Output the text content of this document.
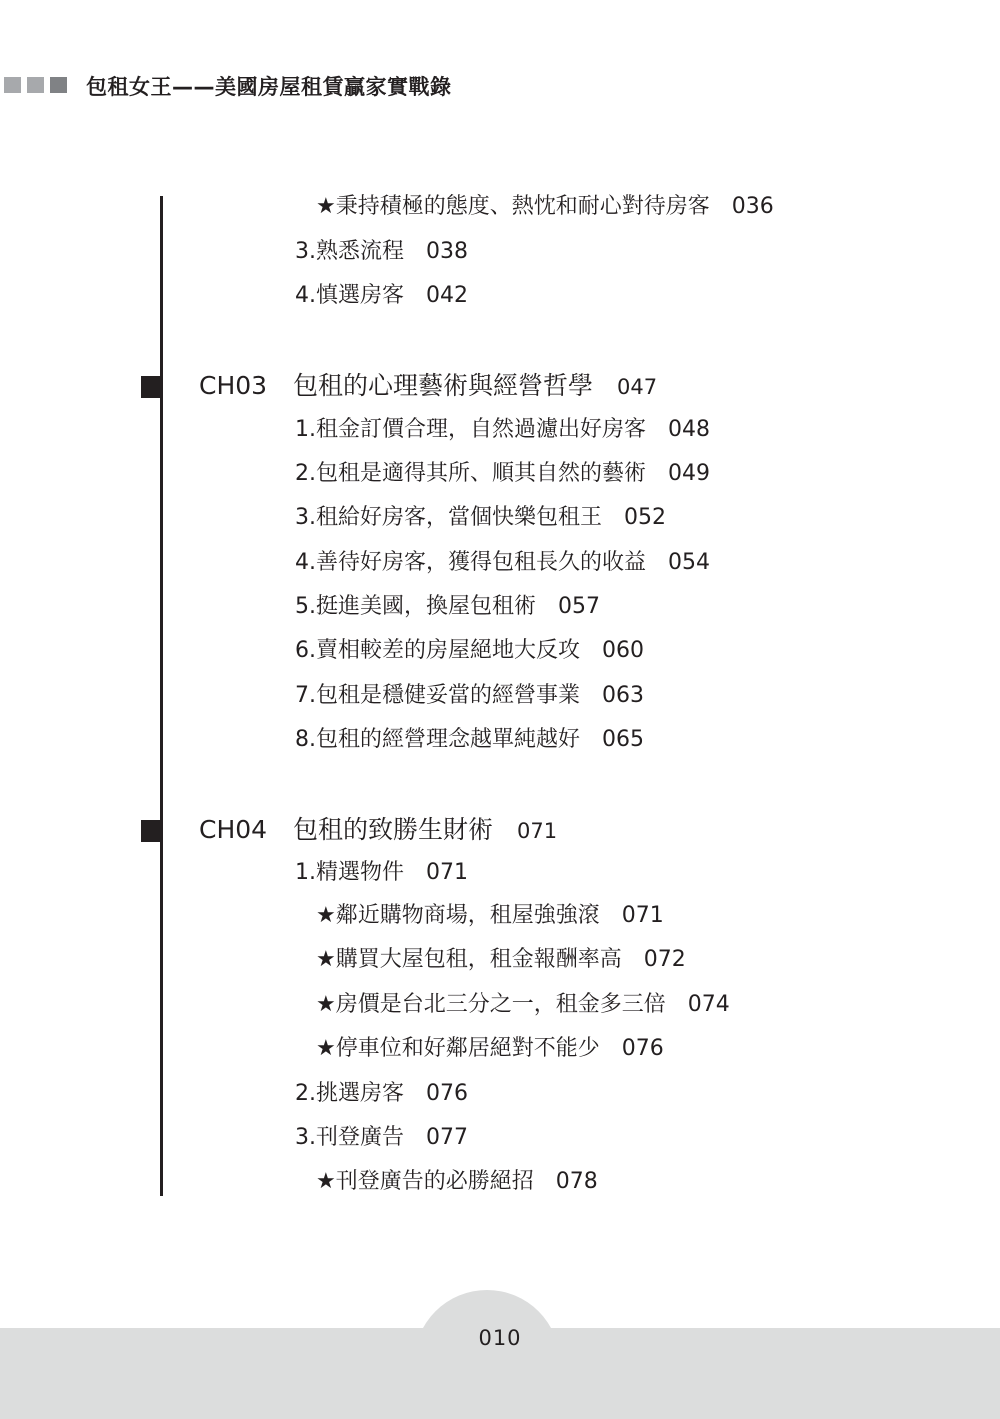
包租女王——美國房屋租賃贏家實戰錄
★秉持積極的態度、熱忱和耐心對待房客 036
3.熟悉流程 038
4.慎選房客 042
CH03 包租的心理藝術與經營哲學 047
1.租金訂價合理，自然過濾出好房客 048
2.包租是適得其所、順其自然的藝術 049
3.租給好房客，當個快樂包租王 052
4.善待好房客，獲得包租長久的收益 054
5.挺進美國，換屋包租術 057
6.賣相較差的房屋絕地大反攻 060
7.包租是穩健妥當的經營事業 063
8.包租的經營理念越單純越好 065
CH04 包租的致勝生財術 071
1.精選物件 071
★鄰近購物商場，租屋強強滾 071
★購買大屋包租，租金報酬率高 072
★房價是台北三分之一，租金多三倍 074
★停車位和好鄰居絕對不能少 076
2.挑選房客 076
3.刊登廣告 077
★刊登廣告的必勝絕招 078
010
